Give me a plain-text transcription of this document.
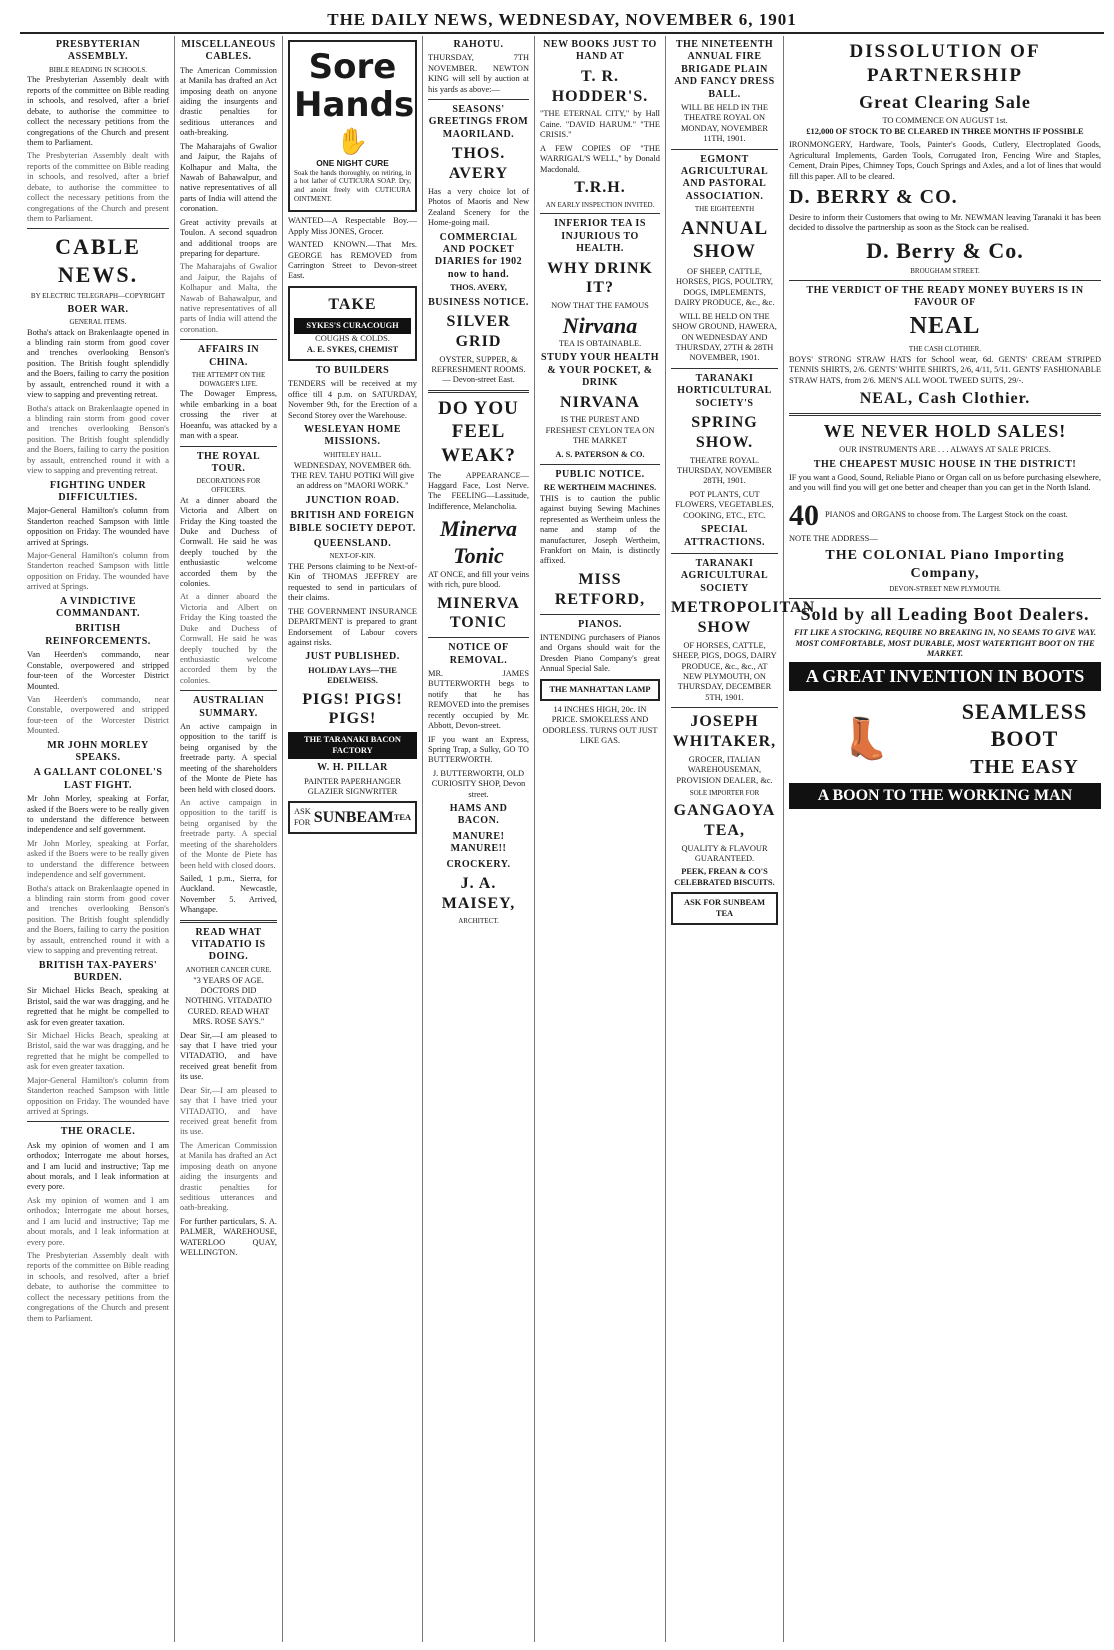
THE DAILY NEWS, WEDNESDAY, NOVEMBER 6, 1901
PRESBYTERIAN ASSEMBLY.
BIBLE READING IN SCHOOLS.

The Presbyterian Assembly dealt with reports of the committee on Bible reading in schools, and resolved, after a brief debate, to authorise the committee to collect the necessary petitions from the congregations of the Church and present them to Parliament.

The Presbyterian Assembly dealt with reports of the committee on Bible reading in schools, and resolved, after a brief debate, to authorise the committee to collect the necessary petitions from the congregations of the Church and present them to Parliament.

CABLE NEWS.
BY ELECTRIC TELEGRAPH—COPYRIGHT
BOER WAR.
GENERAL ITEMS.

Botha's attack on Brakenlaagte opened in a blinding rain storm from good cover and trenches overlooking Benson's position. The British fought splendidly and the Boers, failing to carry the position by assault, entrenched round it with a view to sapping and preventing retreat.

Botha's attack on Brakenlaagte opened in a blinding rain storm from good cover and trenches overlooking Benson's position. The British fought splendidly and the Boers, failing to carry the position by assault, entrenched round it with a view to sapping and preventing retreat.

FIGHTING UNDER DIFFICULTIES.

Major-General Hamilton's column from Standerton reached Sampson with little opposition on Friday. The wounded have arrived at Springs.

Major-General Hamilton's column from Standerton reached Sampson with little opposition on Friday. The wounded have arrived at Springs.

A VINDICTIVE COMMANDANT.
BRITISH REINFORCEMENTS.

Van Heerden's commando, near Constable, overpowered and stripped four-teen of the Worcester District Mounted.

Van Heerden's commando, near Constable, overpowered and stripped four-teen of the Worcester District Mounted.

MR JOHN MORLEY SPEAKS.
A GALLANT COLONEL'S LAST FIGHT.

Mr John Morley, speaking at Forfar, asked if the Boers were to be really given to understand the difference between independence and self government.

Mr John Morley, speaking at Forfar, asked if the Boers were to be really given to understand the difference between independence and self government.

Botha's attack on Brakenlaagte opened in a blinding rain storm from good cover and trenches overlooking Benson's position. The British fought splendidly and the Boers, failing to carry the position by assault, entrenched round it with a view to sapping and preventing retreat.

BRITISH TAX-PAYERS' BURDEN.

Sir Michael Hicks Beach, speaking at Bristol, said the war was dragging, and he regretted that he might be compelled to ask for even greater taxation.

Sir Michael Hicks Beach, speaking at Bristol, said the war was dragging, and he regretted that he might be compelled to ask for even greater taxation.

Major-General Hamilton's column from Standerton reached Sampson with little opposition on Friday. The wounded have arrived at Springs.

THE ORACLE.

Ask my opinion of women and I am orthodox; Interrogate me about horses, and I am lucid and instructive; Tap me about morals, and I leak information at every pore.

Ask my opinion of women and I am orthodox; Interrogate me about horses, and I am lucid and instructive; Tap me about morals, and I leak information at every pore.

The Presbyterian Assembly dealt with reports of the committee on Bible reading in schools, and resolved, after a brief debate, to authorise the committee to collect the necessary petitions from the congregations of the Church and present them to Parliament.

MISCELLANEOUS CABLES.

The American Commission at Manila has drafted an Act imposing death on anyone aiding the insurgents and drastic penalties for seditious utterances and oath-breaking.

The Maharajahs of Gwalior and Jaipur, the Rajahs of Kolhapur and Malta, the Nawab of Bahawalpur, and native representatives of all parts of India will attend the coronation.

Great activity prevails at Toulon. A second squadron and additional troops are preparing for departure.

The Maharajahs of Gwalior and Jaipur, the Rajahs of Kolhapur and Malta, the Nawab of Bahawalpur, and native representatives of all parts of India will attend the coronation.

AFFAIRS IN CHINA.
THE ATTEMPT ON THE DOWAGER'S LIFE.

The Dowager Empress, while embarking in a boat crossing the river at Hoeanfu, was attacked by a man with a spear.

THE ROYAL TOUR.
DECORATIONS FOR OFFICERS.

At a dinner aboard the Victoria and Albert on Friday the King toasted the Duke and Duchess of Cornwall. He said he was deeply touched by the enthusiastic welcome accorded them by the colonies.

At a dinner aboard the Victoria and Albert on Friday the King toasted the Duke and Duchess of Cornwall. He said he was deeply touched by the enthusiastic welcome accorded them by the colonies.

AUSTRALIAN SUMMARY.

An active campaign in opposition to the tariff is being organised by the freetrade party. A special meeting of the shareholders of the Monte de Piete has been held with closed doors.

An active campaign in opposition to the tariff is being organised by the freetrade party. A special meeting of the shareholders of the Monte de Piete has been held with closed doors.

Sailed, 1 p.m., Sierra, for Auckland. Newcastle, November 5. Arrived, Whangape.

READ WHAT VITADATIO IS DOING.
ANOTHER CANCER CURE.

"3 YEARS OF AGE. DOCTORS DID NOTHING. VITADATIO CURED. READ WHAT MRS. ROSE SAYS."

Dear Sir,—I am pleased to say that I have tried your VITADATIO, and have received great benefit from its use.

Dear Sir,—I am pleased to say that I have tried your VITADATIO, and have received great benefit from its use.

The American Commission at Manila has drafted an Act imposing death on anyone aiding the insurgents and drastic penalties for seditious utterances and oath-breaking.

For further particulars, S. A. PALMER, WAREHOUSE, WATERLOO QUAY, WELLINGTON.

Sore
Hands
✋
ONE NIGHT CURE

Soak the hands thoroughly, on retiring, in a hot lather of CUTICURA SOAP. Dry, and anoint freely with CUTICURA OINTMENT.

WANTED—A Respectable Boy.—Apply Miss JONES, Grocer.

WANTED KNOWN.—That Mrs. GEORGE has REMOVED from Carrington Street to Devon-street East.

TAKE
SYKES'S CURACOUGH
COUGHS & COLDS.
A. E. SYKES, CHEMIST
TO BUILDERS

TENDERS will be received at my office till 4 p.m. on SATURDAY, November 9th, for the Erection of a Second Storey over the Warehouse.

WESLEYAN HOME MISSIONS.
WHITELEY HALL.

WEDNESDAY, NOVEMBER 6th. THE REV. TAHU POTIKI Will give an address on "MAORI WORK."

JUNCTION ROAD.
BRITISH AND FOREIGN BIBLE SOCIETY DEPOT.
QUEENSLAND.
NEXT-OF-KIN.

THE Persons claiming to be Next-of-Kin of THOMAS JEFFREY are requested to send in particulars of their claims.

THE GOVERNMENT INSURANCE DEPARTMENT is prepared to grant Endorsement of Labour covers against risks.

JUST PUBLISHED.
HOLIDAY LAYS—THE EDELWEISS.
PIGS! PIGS! PIGS!
THE TARANAKI BACON FACTORY
W. H. PILLAR

PAINTER PAPERHANGER GLAZIER SIGNWRITER

ASK FOR SUNBEAM TEA
RAHOTU.

THURSDAY, 7TH NOVEMBER. NEWTON KING will sell by auction at his yards as above:—

SEASONS' GREETINGS FROM MAORILAND.
THOS. AVERY

Has a very choice lot of Photos of Maoris and New Zealand Scenery for the Home-going mail.

COMMERCIAL AND POCKET DIARIES for 1902 now to hand.
THOS. AVERY,
BUSINESS NOTICE.
SILVER GRID

OYSTER, SUPPER, & REFRESHMENT ROOMS.— Devon-street East.

DO YOU FEEL WEAK?

The APPEARANCE—Haggard Face, Lost Nerve. The FEELING—Lassitude, Indifference, Melancholia.

Minerva Tonic

AT ONCE, and fill your veins with rich, pure blood.

MINERVA TONIC
NOTICE OF REMOVAL.

MR. JAMES BUTTERWORTH begs to notify that he has REMOVED into the premises recently occupied by Mr. Abbott, Devon-street.

IF you want an Express, Spring Trap, a Sulky, GO TO BUTTERWORTH.

J. BUTTERWORTH, OLD CURIOSITY SHOP, Devon street.

HAMS AND BACON.
MANURE! MANURE!!
CROCKERY.
J. A. MAISEY,
ARCHITECT.
NEW BOOKS JUST TO HAND AT
T. R. HODDER'S.

"THE ETERNAL CITY," by Hall Caine. "DAVID HARUM." "THE CRISIS."

A FEW COPIES OF "THE WARRIGAL'S WELL," by Donald Macdonald.

T.R.H.
AN EARLY INSPECTION INVITED.
INFERIOR TEA IS INJURIOUS TO HEALTH.
WHY DRINK IT?
NOW THAT THE FAMOUS
Nirvana
TEA IS OBTAINABLE.
STUDY YOUR HEALTH & YOUR POCKET, & DRINK
NIRVANA

IS THE PUREST AND FRESHEST CEYLON TEA ON THE MARKET

A. S. PATERSON & CO.
PUBLIC NOTICE.
RE WERTHEIM MACHINES.

THIS is to caution the public against buying Sewing Machines represented as Wertheim unless the name and stamp of the manufacturer, Joseph Wertheim, Frankfort on Main, is distinctly affixed.

MISS RETFORD,
PIANOS.

INTENDING purchasers of Pianos and Organs should wait for the Dresden Piano Company's great Annual Special Sale.

THE MANHATTAN LAMP

14 INCHES HIGH, 20c. IN PRICE. SMOKELESS AND ODORLESS. TURNS OUT JUST LIKE GAS.

THE NINETEENTH ANNUAL FIRE BRIGADE PLAIN AND FANCY DRESS BALL.

WILL BE HELD IN THE THEATRE ROYAL ON MONDAY, NOVEMBER 11TH, 1901.

EGMONT AGRICULTURAL AND PASTORAL ASSOCIATION.
THE EIGHTEENTH
ANNUAL SHOW

OF SHEEP, CATTLE, HORSES, PIGS, POULTRY, DOGS, IMPLEMENTS, DAIRY PRODUCE, &c., &c.

WILL BE HELD ON THE SHOW GROUND, HAWERA, ON WEDNESDAY AND THURSDAY, 27TH & 28TH NOVEMBER, 1901.

TARANAKI HORTICULTURAL SOCIETY'S
SPRING SHOW.

THEATRE ROYAL. THURSDAY, NOVEMBER 28TH, 1901.

POT PLANTS, CUT FLOWERS, VEGETABLES, COOKING, ETC., ETC.

SPECIAL ATTRACTIONS.
TARANAKI AGRICULTURAL SOCIETY
METROPOLITAN SHOW

OF HORSES, CATTLE, SHEEP, PIGS, DOGS, DAIRY PRODUCE, &c., &c., AT NEW PLYMOUTH, ON THURSDAY, DECEMBER 5TH, 1901.

JOSEPH WHITAKER,

GROCER, ITALIAN WAREHOUSEMAN, PROVISION DEALER, &c.

SOLE IMPORTER FOR
GANGAOYA TEA,

QUALITY & FLAVOUR GUARANTEED.

PEEK, FREAN & CO'S CELEBRATED BISCUITS.

ASK FOR SUNBEAM TEA
DISSOLUTION OF PARTNERSHIP
Great Clearing Sale
TO COMMENCE ON AUGUST 1st.

£12,000 OF STOCK TO BE CLEARED IN THREE MONTHS IF POSSIBLE

IRONMONGERY, Hardware, Tools, Painter's Goods, Cutlery, Electroplated Goods, Agricultural Implements, Garden Tools, Corrugated Iron, Fencing Wire and Staples, Cement, Drain Pipes, Chimney Tops, Couch Springs and Axles, and a lot of lines that would fill this paper. All to be cleared.

D. BERRY & CO.

Desire to inform their Customers that owing to Mr. NEWMAN leaving Taranaki it has been decided to dissolve the partnership as soon as the Stock can be realised.

D. Berry & Co.
BROUGHAM STREET.
THE VERDICT OF THE READY MONEY BUYERS IS IN FAVOUR OF
NEAL
THE CASH CLOTHIER.

BOYS' STRONG STRAW HATS for School wear, 6d. GENTS' CREAM STRIPED TENNIS SHIRTS, 2/6. GENTS' WHITE SHIRTS, 2/6, 4/11, 5/11. GENTS' FASHIONABLE STRAW HATS, from 2/6. MEN'S ALL WOOL TWEED SUITS, 29/-.

NEAL, Cash Clothier.
WE NEVER HOLD SALES!
OUR INSTRUMENTS ARE . . . ALWAYS AT SALE PRICES.
THE CHEAPEST MUSIC HOUSE IN THE DISTRICT!

IF you want a Good, Sound, Reliable Piano or Organ call on us before purchasing elsewhere, and you will find you will get one better and cheaper than you can get in the North Island.

40 PIANOS and ORGANS to choose from. The Largest Stock on the coast.
NOTE THE ADDRESS—
THE COLONIAL Piano Importing Company,
DEVON-STREET NEW PLYMOUTH.
Sold by all Leading Boot Dealers.

FIT LIKE A STOCKING, REQUIRE NO BREAKING IN, NO SEAMS TO GIVE WAY. MOST COMFORTABLE, MOST DURABLE, MOST WATERTIGHT BOOT ON THE MARKET.

A GREAT INVENTION IN BOOTS
👢
SEAMLESS BOOT
THE EASY
A BOON TO THE WORKING MAN
